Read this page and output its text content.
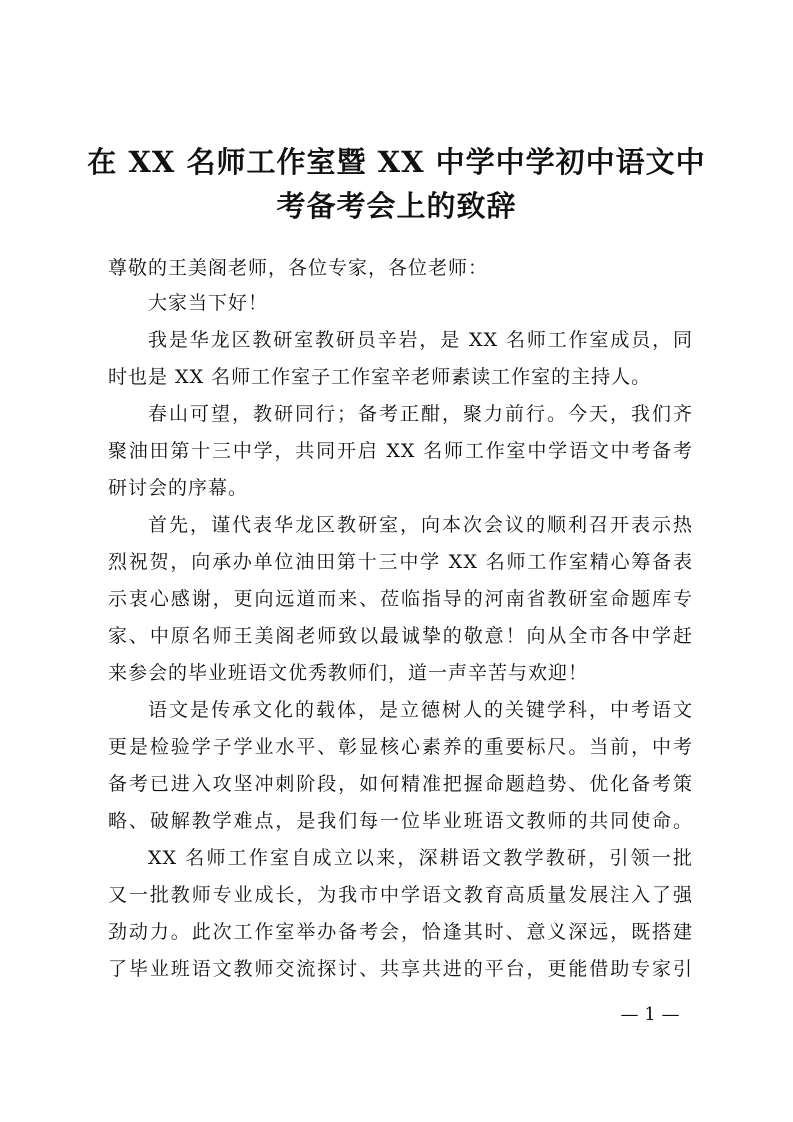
在 XX 名师工作室暨 XX 中学中学初中语文中
考备考会上的致辞
尊敬的王美阁老师，各位专家，各位老师：
大家当下好！
我是华龙区教研室教研员辛岩，是 XX 名师工作室成员，同
时也是 XX 名师工作室子工作室辛老师素读工作室的主持人。
春山可望，教研同行；备考正酣，聚力前行。今天，我们齐
聚油田第十三中学，共同开启 XX 名师工作室中学语文中考备考
研讨会的序幕。
首先，谨代表华龙区教研室，向本次会议的顺利召开表示热
烈祝贺，向承办单位油田第十三中学 XX 名师工作室精心筹备表
示衷心感谢，更向远道而来、莅临指导的河南省教研室命题库专
家、中原名师王美阁老师致以最诚挚的敬意！向从全市各中学赶
来参会的毕业班语文优秀教师们，道一声辛苦与欢迎！
语文是传承文化的载体，是立德树人的关键学科，中考语文
更是检验学子学业水平、彰显核心素养的重要标尺。当前，中考
备考已进入攻坚冲刺阶段，如何精准把握命题趋势、优化备考策
略、破解教学难点，是我们每一位毕业班语文教师的共同使命。
XX 名师工作室自成立以来，深耕语文教学教研，引领一批
又一批教师专业成长，为我市中学语文教育高质量发展注入了强
劲动力。此次工作室举办备考会，恰逢其时、意义深远，既搭建
了毕业班语文教师交流探讨、共享共进的平台，更能借助专家引
— 1 —
